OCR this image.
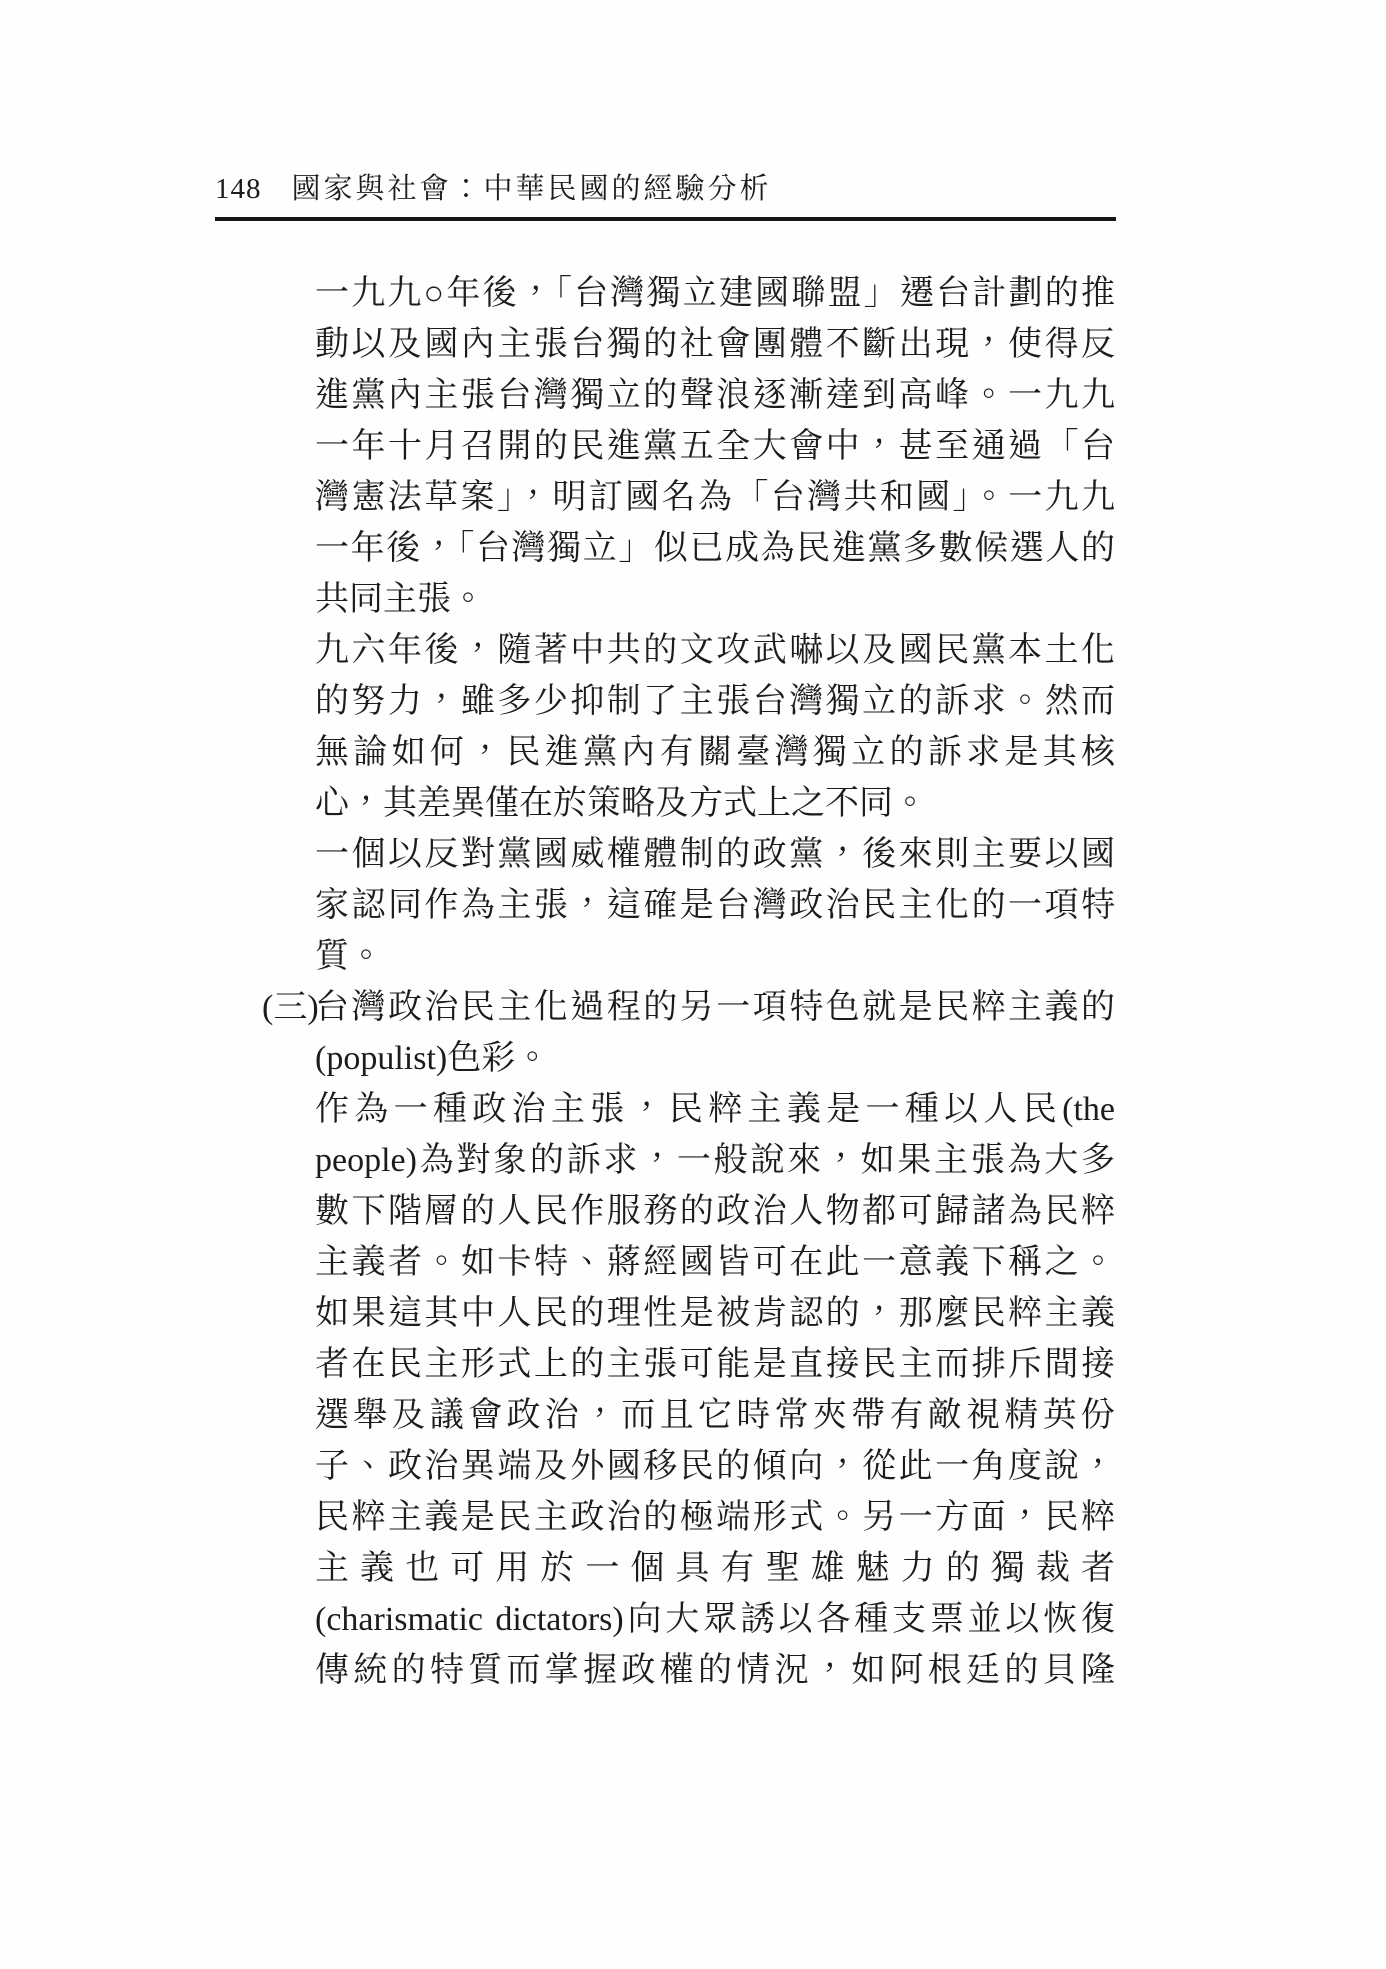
148 國家與社會：中華民國的經驗分析
一九九○年後，「台灣獨立建國聯盟」遷台計劃的推
動以及國內主張台獨的社會團體不斷出現，使得反
進黨內主張台灣獨立的聲浪逐漸達到高峰。一九九
一年十月召開的民進黨五全大會中，甚至通過「台
灣憲法草案」，明訂國名為「台灣共和國」。一九九
一年後，「台灣獨立」似已成為民進黨多數候選人的
共同主張。
九六年後，隨著中共的文攻武嚇以及國民黨本土化
的努力，雖多少抑制了主張台灣獨立的訴求。然而
無論如何，民進黨內有關臺灣獨立的訴求是其核
心，其差異僅在於策略及方式上之不同。
一個以反對黨國威權體制的政黨，後來則主要以國
家認同作為主張，這確是台灣政治民主化的一項特
質。
(三)
台灣政治民主化過程的另一項特色就是民粹主義的
(populist)色彩。
作為一種政治主張，民粹主義是一種以人民(the
people)為對象的訴求，一般說來，如果主張為大多
數下階層的人民作服務的政治人物都可歸諸為民粹
主義者。如卡特、蔣經國皆可在此一意義下稱之。
如果這其中人民的理性是被肯認的，那麼民粹主義
者在民主形式上的主張可能是直接民主而排斥間接
選舉及議會政治，而且它時常夾帶有敵視精英份
子、政治異端及外國移民的傾向，從此一角度說，
民粹主義是民主政治的極端形式。另一方面，民粹
主義也可用於一個具有聖雄魅力的獨裁者
(charismatic dictators)向大眾誘以各種支票並以恢復
傳統的特質而掌握政權的情況，如阿根廷的貝隆
